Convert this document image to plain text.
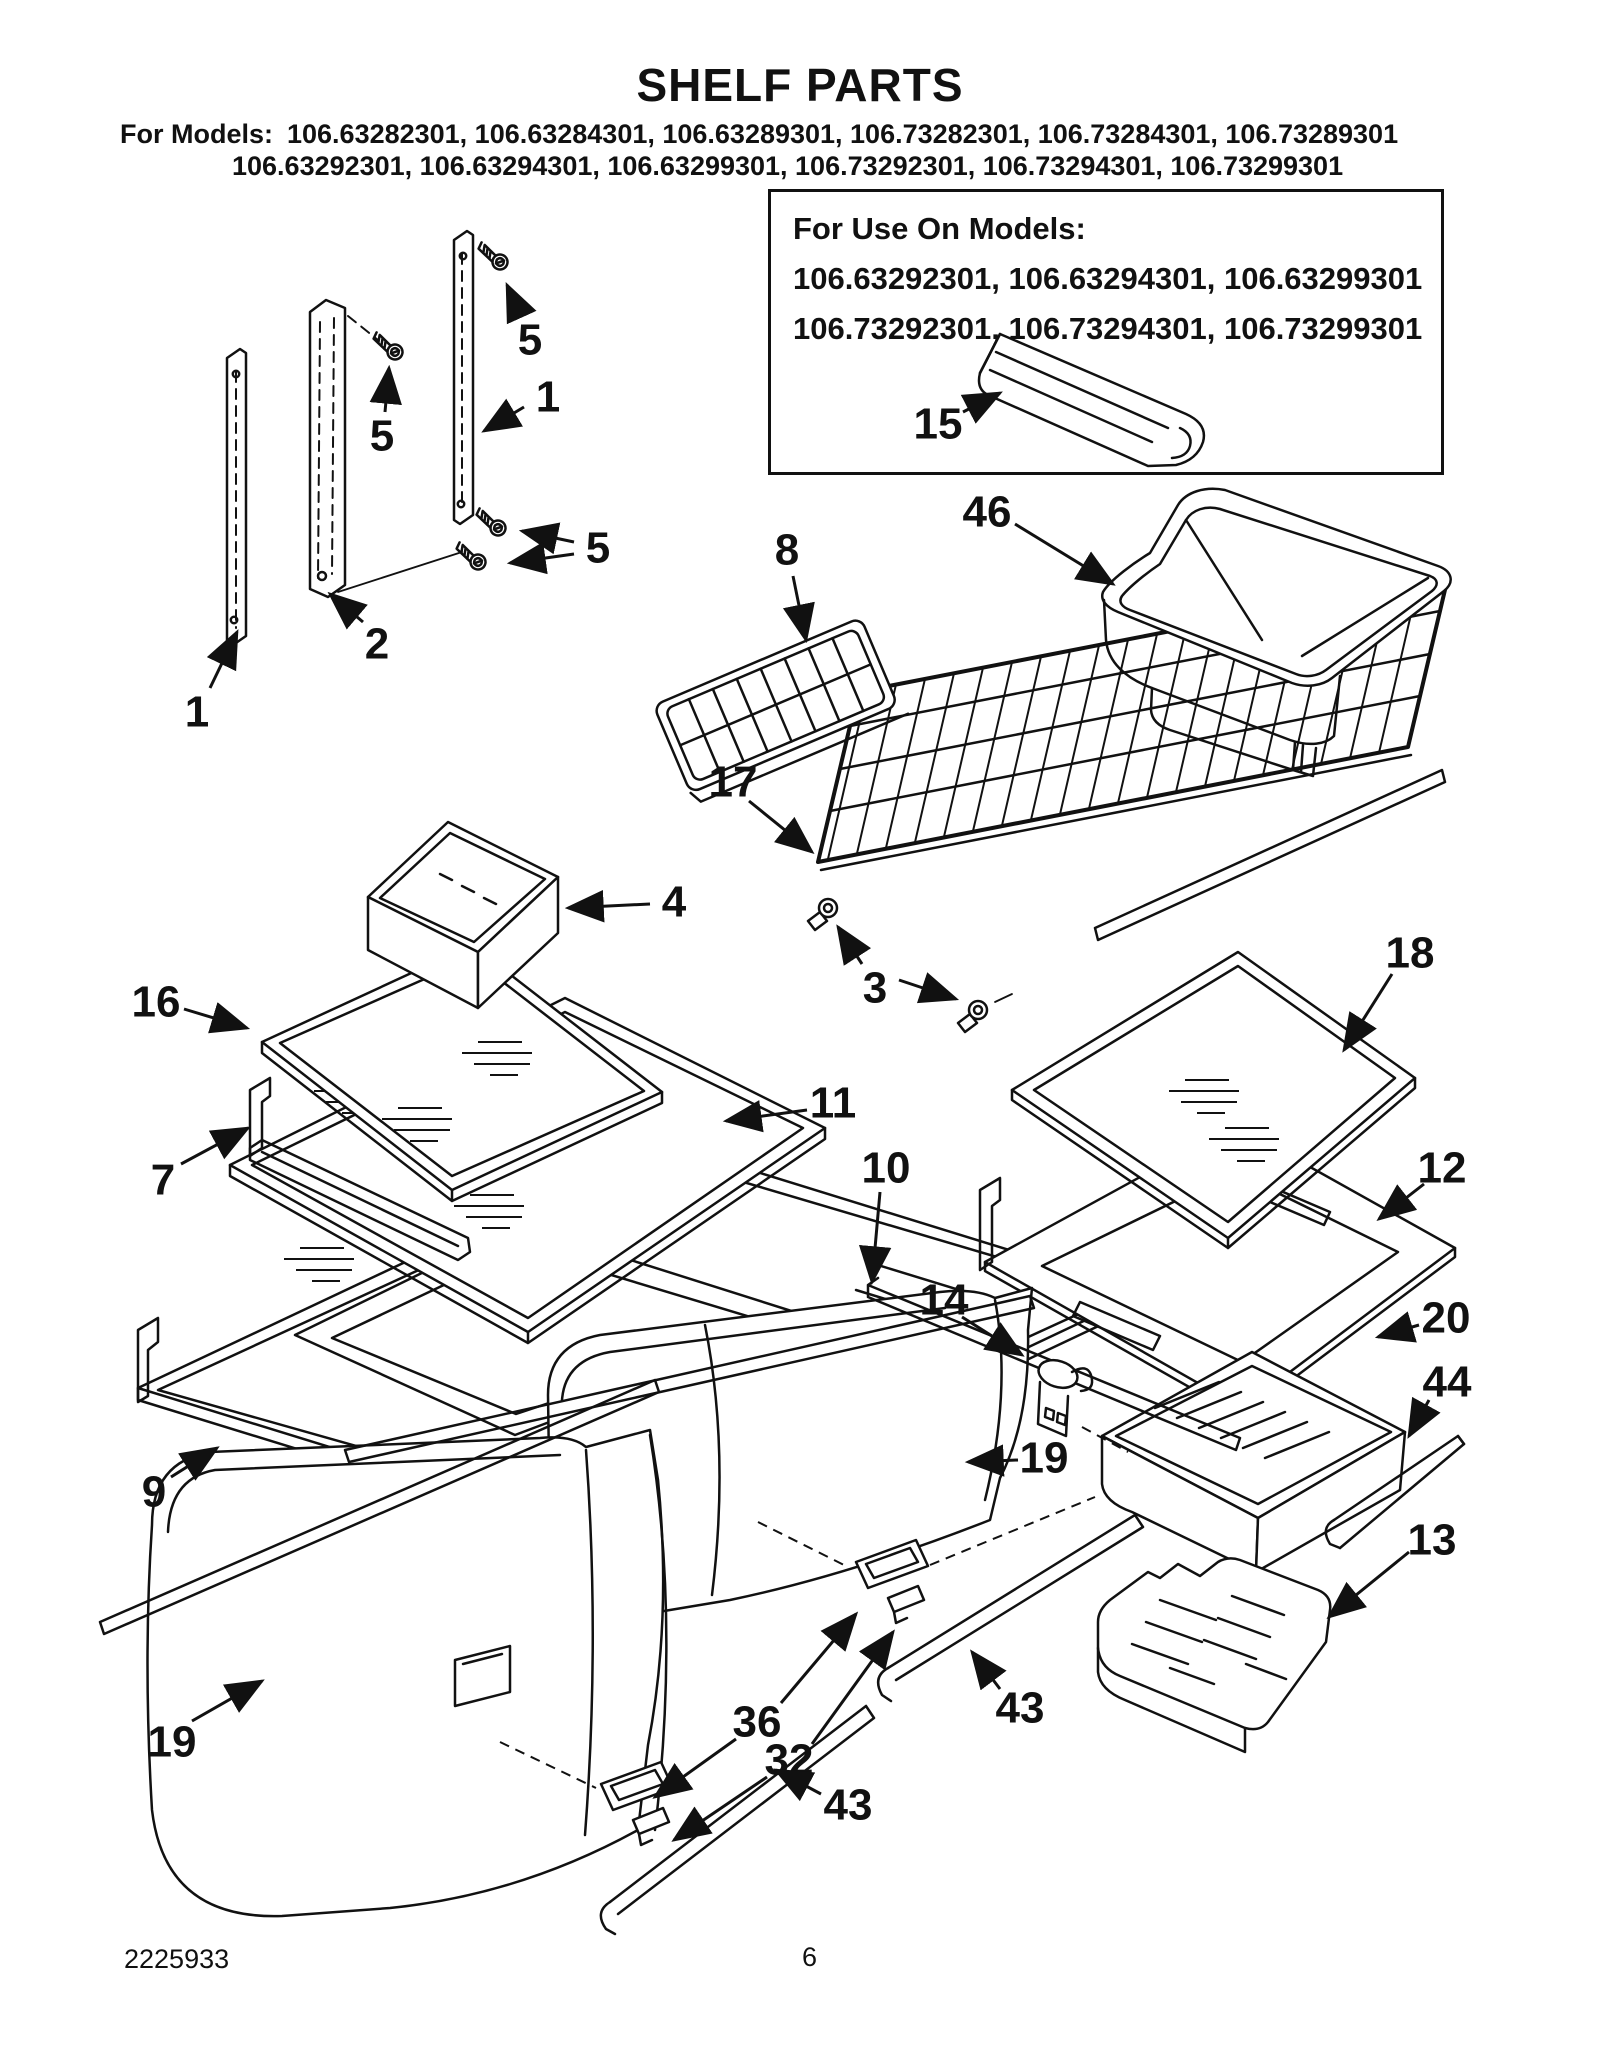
1
2
1
5
5
5
15
46
8
17
4
3
16
7
9
11
10
14
18
12
20
44
19
13
36
32
43
43
19
SHELF PARTS
For Models: 106.63282301, 106.63284301, 106.63289301, 106.73282301, 106.73284301, 106.73289301
106.63292301, 106.63294301, 106.63299301, 106.73292301, 106.73294301, 106.73299301
For Use On Models:
106.63292301, 106.63294301, 106.63299301
106.73292301, 106.73294301, 106.73299301
2225933	6
